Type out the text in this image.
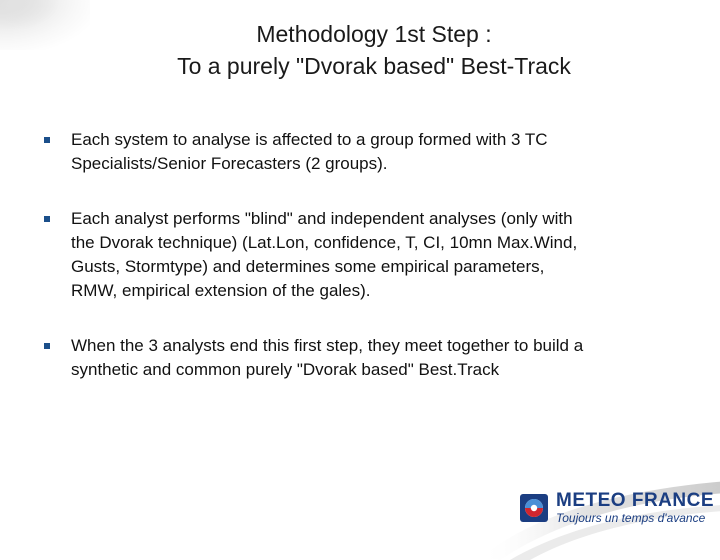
Methodology 1st Step :
To a purely "Dvorak based" Best-Track
Each system to analyse is affected to a group formed with 3 TC
Specialists/Senior Forecasters (2 groups).
Each analyst performs "blind" and independent analyses (only with
the Dvorak technique) (Lat.Lon, confidence, T, CI, 10mn Max.Wind,
Gusts, Stormtype) and determines some empirical parameters,
RMW, empirical extension of the gales).
When the 3 analysts end this first step, they meet together to build a
synthetic and common purely "Dvorak based" Best.Track
METEO FRANCE
Toujours un temps d'avance
